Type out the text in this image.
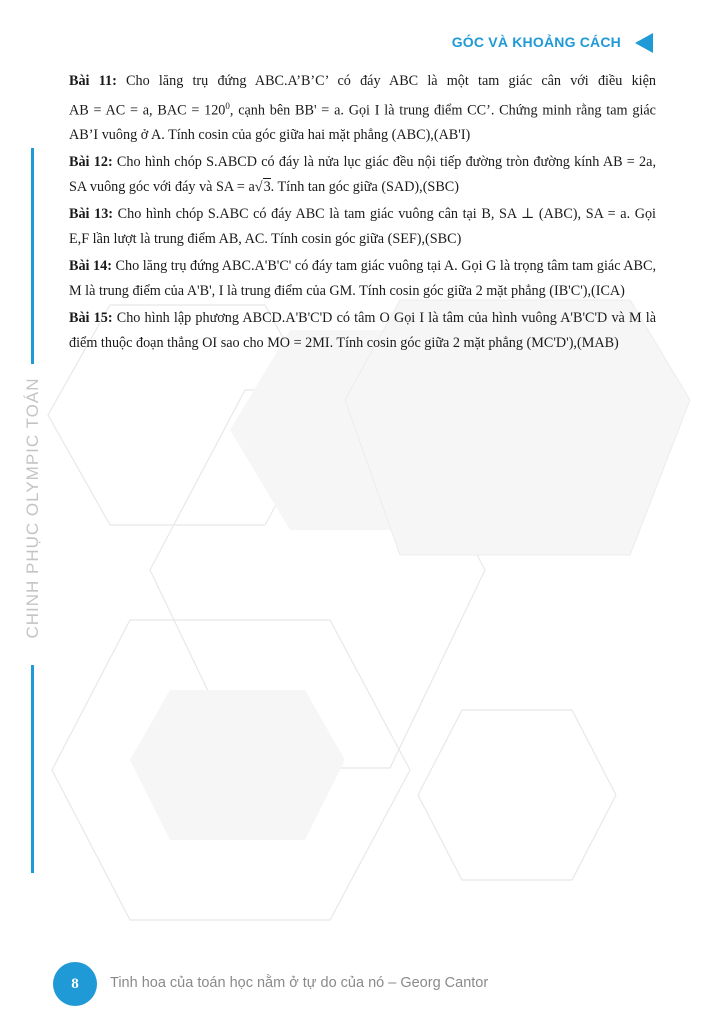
GÓC VÀ KHOẢNG CÁCH
CHINH PHỤC OLYMPIC TOÁN

Bài 11: Cho lăng trụ đứng ABC.A’B’C’ có đáy ABC là một tam giác cân với điều kiện AB = AC = a, BAC = $120^0$, cạnh bên BB' = a. Gọi I là trung điểm CC’. Chứng minh rằng tam giác AB’I vuông ở A. Tính cosin của góc giữa hai mặt phẳng (ABC),(AB'I)

Bài 12: Cho hình chóp S.ABCD có đáy là nửa lục giác đều nội tiếp đường tròn đường kính AB = 2a, SA vuông góc với đáy và SA = a√3. Tính tan góc giữa (SAD),(SBC)

Bài 13: Cho hình chóp S.ABC có đáy ABC là tam giác vuông cân tại B, SA ⊥ (ABC), SA = a. Gọi E,F lần lượt là trung điểm AB, AC. Tính cosin góc giữa (SEF),(SBC)

Bài 14: Cho lăng trụ đứng ABC.A'B'C' có đáy tam giác vuông tại A. Gọi G là trọng tâm tam giác ABC, M là trung điểm của A'B', I là trung điểm của GM. Tính cosin góc giữa 2 mặt phẳng (IB'C'),(ICA)

Bài 15: Cho hình lập phương ABCD.A'B'C'D có tâm O Gọi I là tâm của hình vuông A'B'C'D và M là điểm thuộc đoạn thẳng OI sao cho MO = 2MI. Tính cosin góc giữa 2 mặt phẳng (MC'D'),(MAB)

8 Tinh hoa của toán học nằm ở tự do của nó – Georg Cantor
